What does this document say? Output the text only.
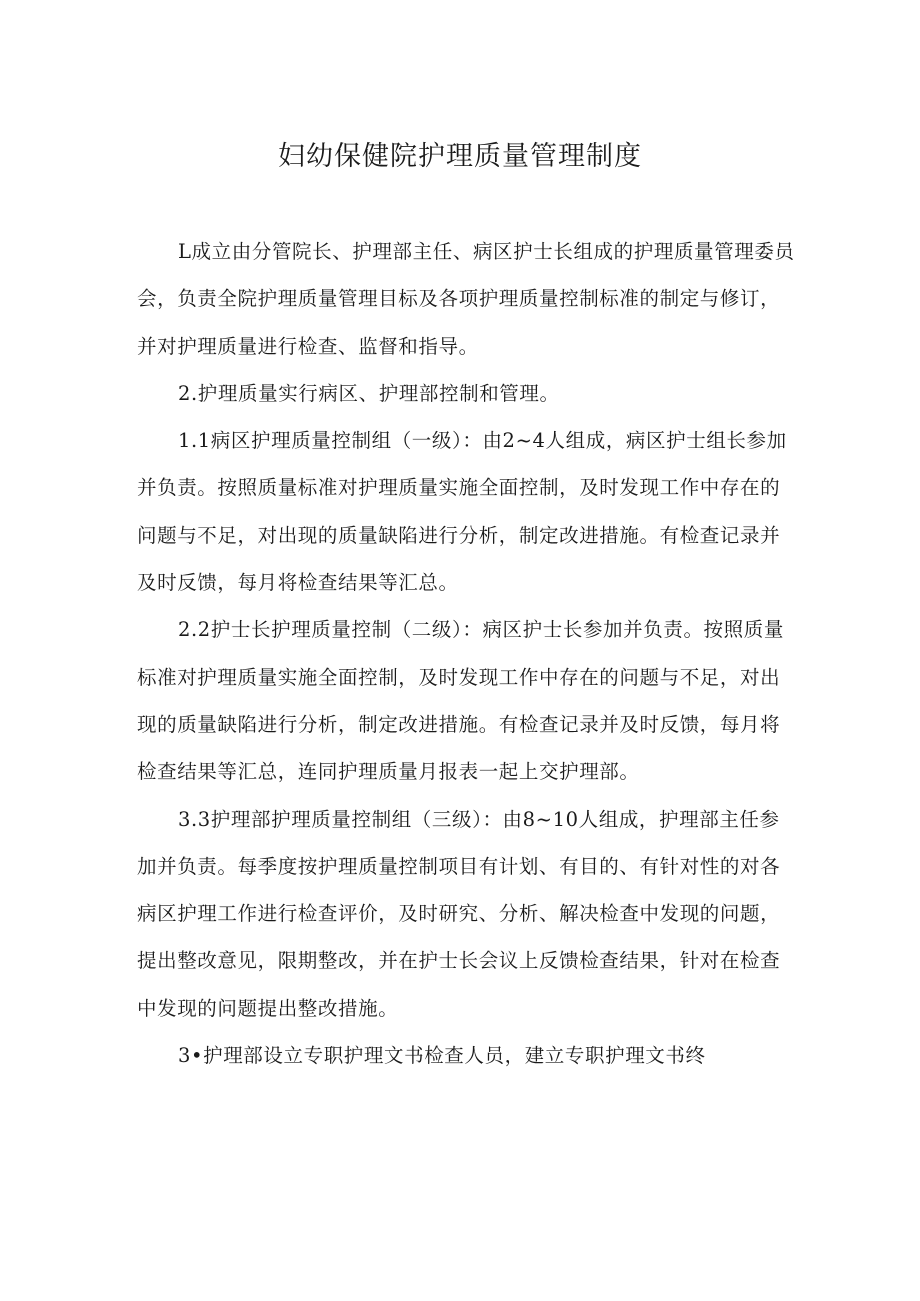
妇幼保健院护理质量管理制度

L成立由分管院长、护理部主任、病区护士长组成的护理质量管理委员会，负责全院护理质量管理目标及各项护理质量控制标准的制定与修订，并对护理质量进行检查、监督和指导。

2.护理质量实行病区、护理部控制和管理。

1.1病区护理质量控制组（一级）：由2~4人组成，病区护士组长参加并负责。按照质量标准对护理质量实施全面控制，及时发现工作中存在的问题与不足，对出现的质量缺陷进行分析，制定改进措施。有检查记录并及时反馈，每月将检查结果等汇总。

2.2护士长护理质量控制（二级）：病区护士长参加并负责。按照质量标准对护理质量实施全面控制，及时发现工作中存在的问题与不足，对出现的质量缺陷进行分析，制定改进措施。有检查记录并及时反馈，每月将检查结果等汇总，连同护理质量月报表一起上交护理部。

3.3护理部护理质量控制组（三级）：由8~10人组成，护理部主任参加并负责。每季度按护理质量控制项目有计划、有目的、有针对性的对各病区护理工作进行检查评价，及时研究、分析、解决检查中发现的问题，提出整改意见，限期整改，并在护士长会议上反馈检查结果，针对在检查中发现的问题提出整改措施。

3•护理部设立专职护理文书检查人员，建立专职护理文书终
